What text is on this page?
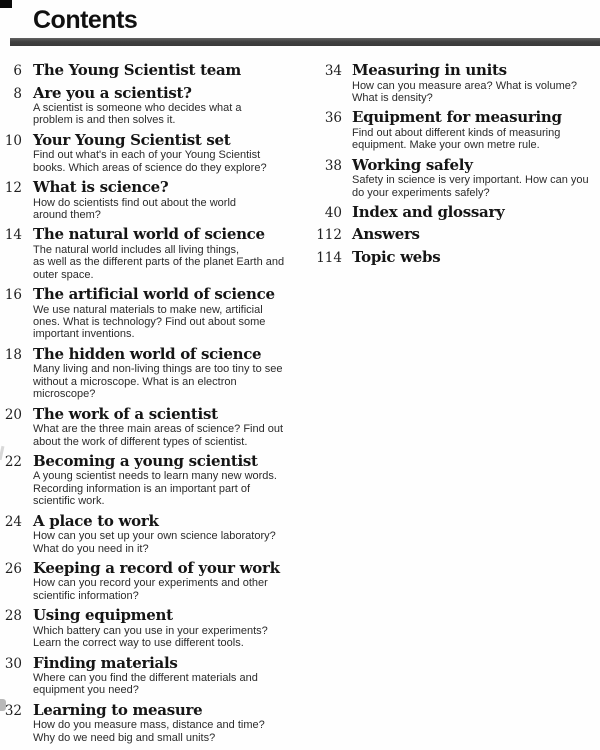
Contents
6 The Young Scientist team
8 Are you a scientist?
A scientist is someone who decides what a
problem is and then solves it.
10 Your Young Scientist set
Find out what's in each of your Young Scientist
books. Which areas of science do they explore?
12 What is science?
How do scientists find out about the world
around them?
14 The natural world of science
The natural world includes all living things,
as well as the different parts of the planet Earth and
outer space.
16 The artificial world of science
We use natural materials to make new, artificial
ones. What is technology? Find out about some
important inventions.
18 The hidden world of science
Many living and non-living things are too tiny to see
without a microscope. What is an electron
microscope?
20 The work of a scientist
What are the three main areas of science? Find out
about the work of different types of scientist.
22 Becoming a young scientist
A young scientist needs to learn many new words.
Recording information is an important part of
scientific work.
24 A place to work
How can you set up your own science laboratory?
What do you need in it?
26 Keeping a record of your work
How can you record your experiments and other
scientific information?
28 Using equipment
Which battery can you use in your experiments?
Learn the correct way to use different tools.
30 Finding materials
Where can you find the different materials and
equipment you need?
32 Learning to measure
How do you measure mass, distance and time?
Why do we need big and small units?
34 Measuring in units
How can you measure area? What is volume?
What is density?
36 Equipment for measuring
Find out about different kinds of measuring
equipment. Make your own metre rule.
38 Working safely
Safety in science is very important. How can you
do your experiments safely?
40 Index and glossary
112 Answers
114 Topic webs
